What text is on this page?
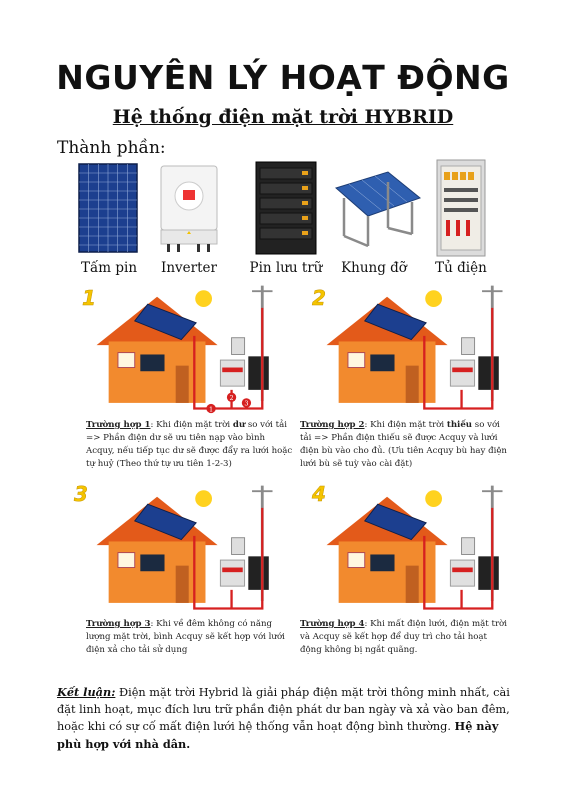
NGUYÊN LÝ HOẠT ĐỘNG
Hệ thống điện mặt trời HYBRID
Thành phần:
Tấm pin	Inverter	Pin lưu trữ	Khung đỡ	Tủ điện
1
2
3
1	2
3	4
Trường hợp 1: Khi điện mặt trời dư so với tải => Phần điện dư sẽ ưu tiên nạp vào bình Acquy, nếu tiếp tục dư sẽ được đẩy ra lưới hoặc tự huỷ (Theo thứ tự ưu tiên 1-2-3)
Trường hợp 2: Khi điện mặt trời thiếu so với tải => Phần điện thiếu sẽ được Acquy và lưới điện bù vào cho đủ. (Ưu tiên Acquy bù hay điện lưới bù sẽ tuỳ vào cài đặt)
Trường hợp 3: Khi về đêm không có năng lượng mặt trời, bình Acquy sẽ kết hợp với lưới điện xả cho tải sử dụng
Trường hợp 4: Khi mất điện lưới, điện mặt trời và Acquy sẽ kết hợp để duy trì cho tải hoạt động không bị ngắt quãng.
Kết luận: Điện mặt trời Hybrid là giải pháp điện mặt trời thông minh nhất, cài đặt linh hoạt, mục đích lưu trữ phần điện phát dư ban ngày và xả vào ban đêm, hoặc khi có sự cố mất điện lưới hệ thống vẫn hoạt động bình thường. Hệ này phù hợp với nhà dân.
